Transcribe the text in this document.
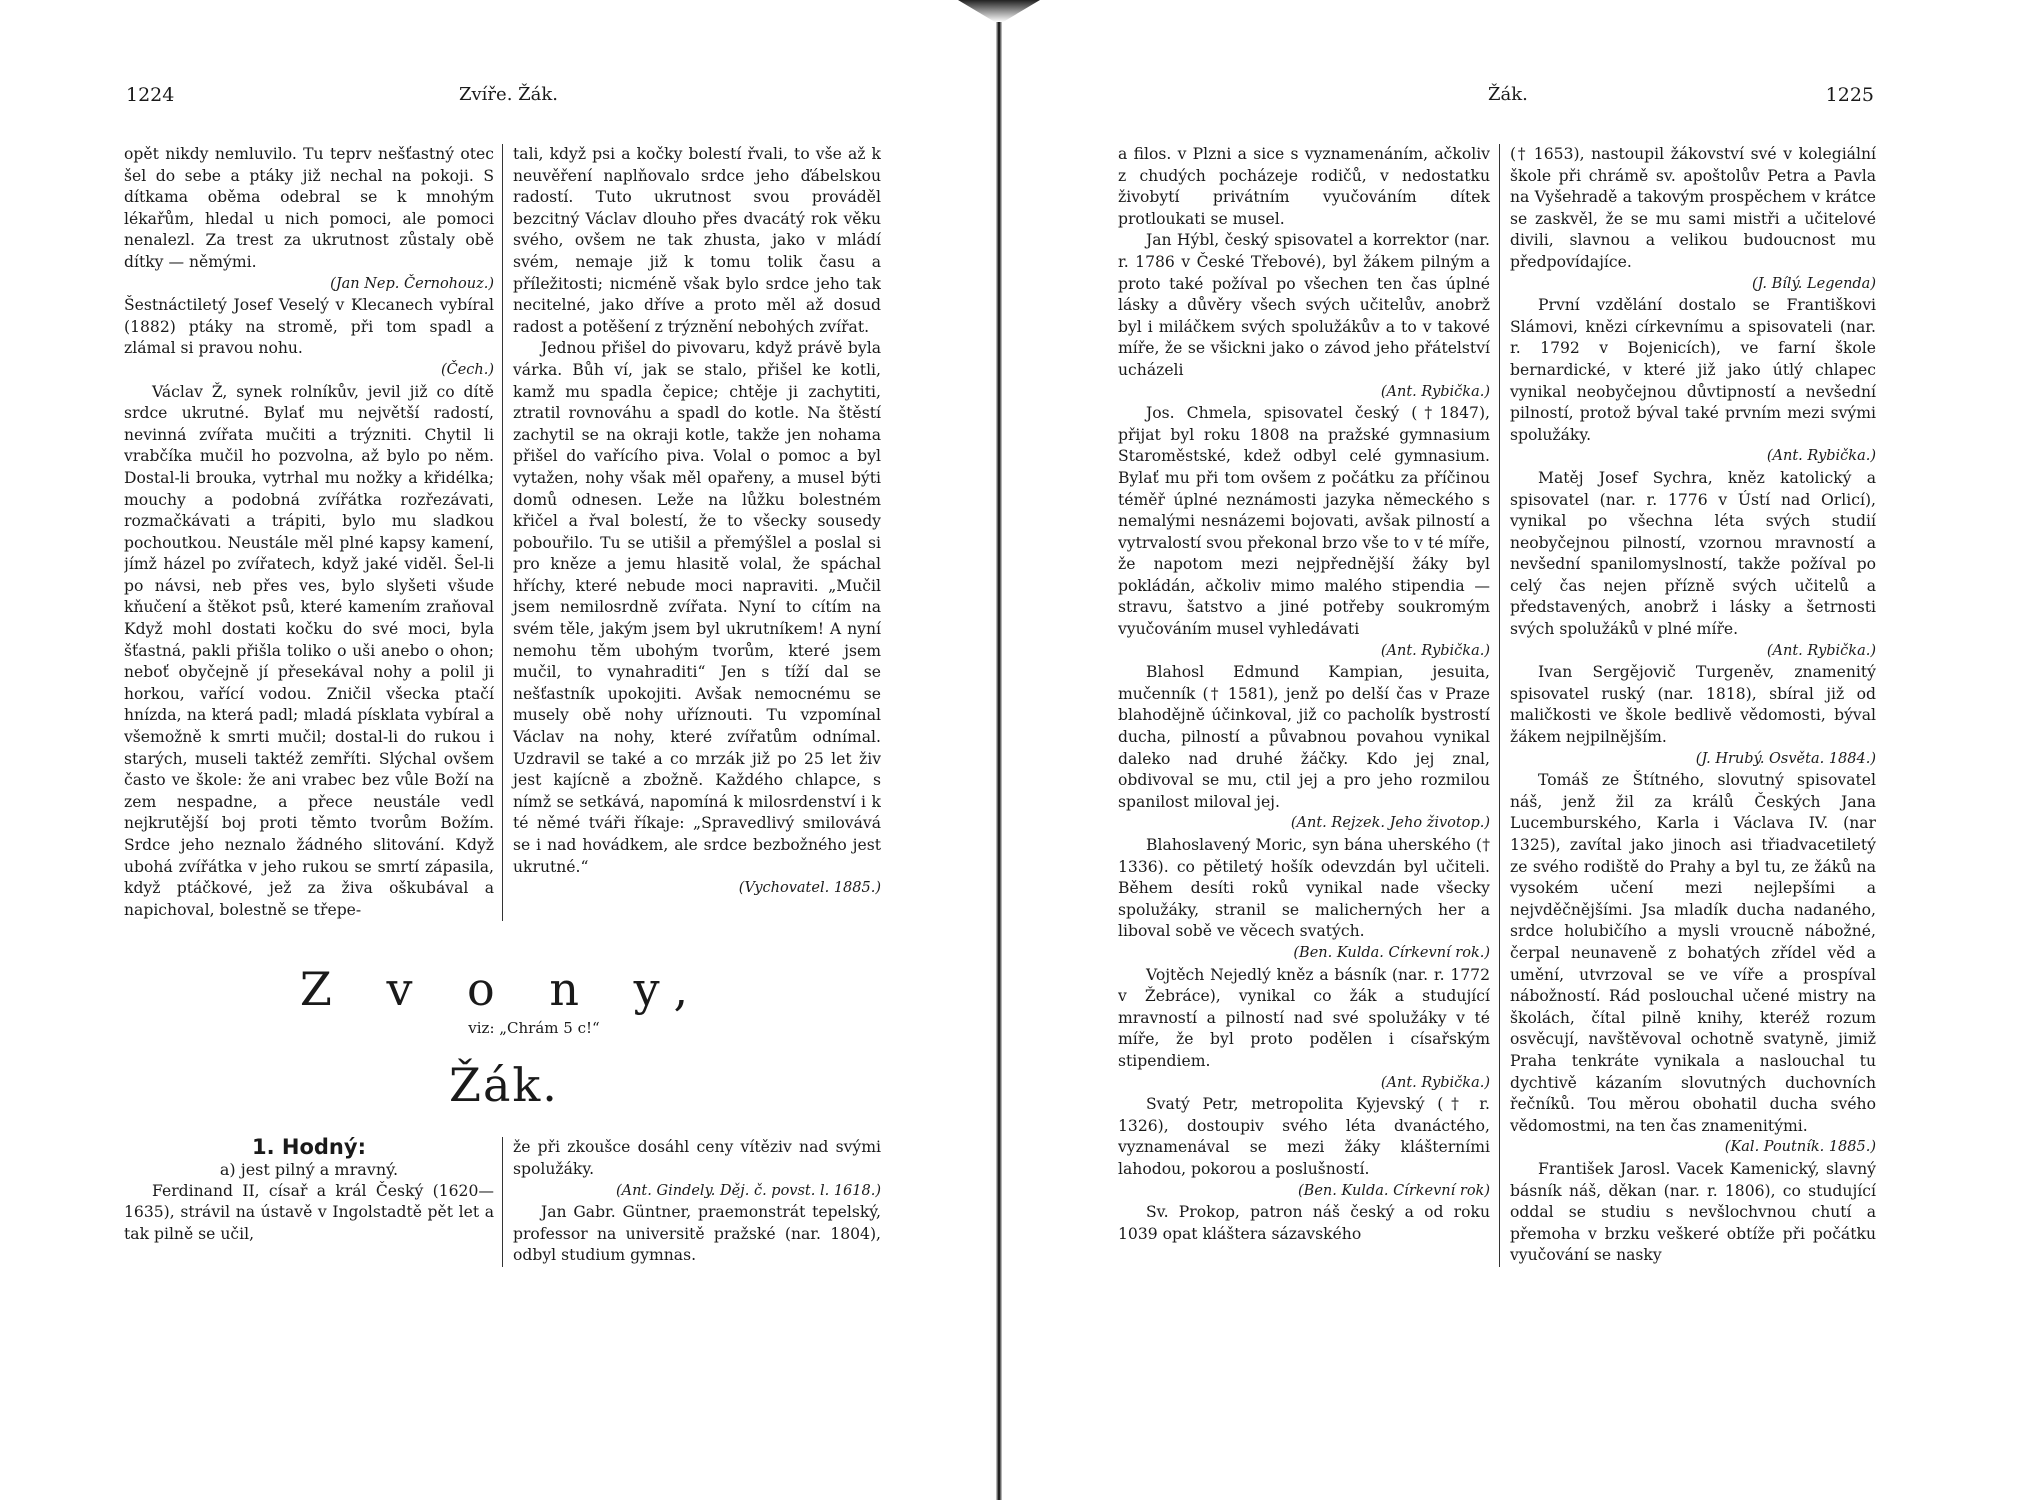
1224	Zvíře. Žák.

opět nikdy nemluvilo. Tu teprv nešťastný otec šel do sebe a ptáky již nechal na pokoji. S dítkama oběma odebral se k mnohým lékařům, hledal u nich pomoci, ale pomoci nenalezl. Za trest za ukrutnost zůstaly obě dítky — němými.

(Jan Nep. Černohouz.)

Šestnáctiletý Josef Veselý v Klecanech vybíral (1882) ptáky na stromě, při tom spadl a zlámal si pravou nohu.

(Čech.)

Václav Ž, synek rolníkův, jevil již co dítě srdce ukrutné. Bylať mu největší radostí, nevinná zvířata mučiti a trýzniti. Chytil li vrabčíka mučil ho pozvolna, až bylo po něm. Dostal-li brouka, vytrhal mu nožky a křidélka; mouchy a podobná zvířátka rozřezávati, rozmačkávati a trápiti, bylo mu sladkou pochoutkou. Neustále měl plné kapsy kamení, jímž házel po zvířatech, když jaké viděl. Šel-li po návsi, neb přes ves, bylo slyšeti všude kňučení a štěkot psů, které kamením zraňoval Když mohl dostati kočku do své moci, byla šťastná, pakli přišla toliko o uši anebo o ohon; neboť obyčejně jí přesekával nohy a polil ji horkou, vařící vodou. Zničil všecka ptačí hnízda, na která padl; mladá písklata vybíral a všemožně k smrti mučil; dostal-li do rukou i starých, museli taktéž zemříti. Slýchal ovšem často ve škole: že ani vrabec bez vůle Boží na zem nespadne, a přece neustále vedl nejkrutější boj proti těmto tvorům Božím. Srdce jeho neznalo žádného slitování. Když ubohá zvířátka v jeho rukou se smrtí zápasila, když ptáčkové, jež za živa oškubával a napichoval, bolestně se třepe-

tali, když psi a kočky bolestí řvali, to vše až k neuvěření naplňovalo srdce jeho ďábelskou radostí. Tuto ukrutnost svou prováděl bezcitný Václav dlouho přes dvacátý rok věku svého, ovšem ne tak zhusta, jako v mládí svém, nemaje již k tomu tolik času a příležitosti; nicméně však bylo srdce jeho tak necitelné, jako dříve a proto měl až dosud radost a potěšení z trýznění nebohých zvířat.

Jednou přišel do pivovaru, když právě byla várka. Bůh ví, jak se stalo, přišel ke kotli, kamž mu spadla čepice; chtěje ji zachytiti, ztratil rovnováhu a spadl do kotle. Na štěstí zachytil se na okraji kotle, takže jen nohama přišel do vařícího piva. Volal o pomoc a byl vytažen, nohy však měl opařeny, a musel býti domů odnesen. Leže na lůžku bolestném křičel a řval bolestí, že to všecky sousedy pobouřilo. Tu se utišil a přemýšlel a poslal si pro kněze a jemu hlasitě volal, že spáchal hříchy, které nebude moci napraviti. „Mučil jsem nemilosrdně zvířata. Nyní to cítím na svém těle, jakým jsem byl ukrutníkem! A nyní nemohu těm ubohým tvorům, které jsem mučil, to vynahraditi“ Jen s tíží dal se nešťastník upokojiti. Avšak nemocnému se musely obě nohy uříznouti. Tu vzpomínal Václav na nohy, které zvířatům odnímal. Uzdravil se také a co mrzák již po 25 let živ jest kajícně a zbožně. Každého chlapce, s nímž se setkává, napomíná k milosrdenství i k té němé tváři říkaje: „Spravedlivý smilovává se i nad hovádkem, ale srdce bezbožného jest ukrutné.“

(Vychovatel. 1885.)

Z v o n y,
viz: „Chrám 5 c!“
Žák.

1. Hodný:

a) jest pilný a mravný.

Ferdinand II, císař a král Český (1620—1635), strávil na ústavě v Ingolstadtě pět let a tak pilně se učil,

že při zkoušce dosáhl ceny vítěziv nad svými spolužáky.

(Ant. Gindely. Děj. č. povst. l. 1618.)

Jan Gabr. Güntner, praemonstrát tepelský, professor na universitě pražské (nar. 1804), odbyl studium gymnas.

Žák.	1225

a filos. v Plzni a sice s vyznamenáním, ačkoliv z chudých pocházeje rodičů, v nedostatku živobytí privátním vyučováním dítek protloukati se musel.

Jan Hýbl, český spisovatel a korrektor (nar. r. 1786 v České Třebové), byl žákem pilným a proto také požíval po všechen ten čas úplné lásky a důvěry všech svých učitelův, anobrž byl i miláčkem svých spolužákův a to v takové míře, že se všickni jako o závod jeho přátelství ucházeli

(Ant. Rybička.)

Jos. Chmela, spisovatel český (†1847), přijat byl roku 1808 na pražské gymnasium Staroměstské, kdež odbyl celé gymnasium. Bylať mu při tom ovšem z počátku za příčinou téměř úplné neznámosti jazyka německého s nemalými nesnázemi bojovati, avšak pilností a vytrvalostí svou překonal brzo vše to v té míře, že napotom mezi nejpřednější žáky byl pokládán, ačkoliv mimo malého stipendia — stravu, šatstvo a jiné potřeby soukromým vyučováním musel vyhledávati

(Ant. Rybička.)

Blahosl Edmund Kampian, jesuita, mučenník († 1581), jenž po delší čas v Praze blahodějně účinkoval, již co pacholík bystrostí ducha, pilností a půvabnou povahou vynikal daleko nad druhé žáčky. Kdo jej znal, obdivoval se mu, ctil jej a pro jeho rozmilou spanilost miloval jej.

(Ant. Rejzek. Jeho životop.)

Blahoslavený Moric, syn bána uherského († 1336). co pětiletý hošík odevzdán byl učiteli. Během desíti roků vynikal nade všecky spolužáky, stranil se malicherných her a liboval sobě ve věcech svatých.

(Ben. Kulda. Církevní rok.)

Vojtěch Nejedlý kněz a básník (nar. r. 1772 v Žebráce), vynikal co žák a studující mravností a pilností nad své spolužáky v té míře, že byl proto podělen i císařským stipendiem.

(Ant. Rybička.)

Svatý Petr, metropolita Kyjevský († r. 1326), dostoupiv svého léta dvanáctého, vyznamenával se mezi žáky klášterními lahodou, pokorou a poslušností.

(Ben. Kulda. Církevní rok)

Sv. Prokop, patron náš český a od roku 1039 opat kláštera sázavského

(† 1653), nastoupil žákovství své v kolegiální škole při chrámě sv. apoštolův Petra a Pavla na Vyšehradě a takovým prospěchem v krátce se zaskvěl, že se mu sami mistři a učitelové divili, slavnou a velikou budoucnost mu předpovídajíce.

(J. Bílý. Legenda)

První vzdělání dostalo se Františkovi Slámovi, knězi církevnímu a spisovateli (nar. r. 1792 v Bojenicích), ve farní škole bernardické, v které již jako útlý chlapec vynikal neobyčejnou důvtipností a nevšední pilností, protož býval také prvním mezi svými spolužáky.

(Ant. Rybička.)

Matěj Josef Sychra, kněz katolický a spisovatel (nar. r. 1776 v Ústí nad Orlicí), vynikal po všechna léta svých studií neobyčejnou pilností, vzornou mravností a nevšední spanilomyslností, takže požíval po celý čas nejen přízně svých učitelů a představených, anobrž i lásky a šetrnosti svých spolužáků v plné míře.

(Ant. Rybička.)

Ivan Sergějovič Turgeněv, znamenitý spisovatel ruský (nar. 1818), sbíral již od maličkosti ve škole bedlivě vědomosti, býval žákem nejpilnějším.

(J. Hrubý. Osvěta. 1884.)

Tomáš ze Štítného, slovutný spisovatel náš, jenž žil za králů Českých Jana Lucemburského, Karla i Václava IV. (nar 1325), zavítal jako jinoch asi třiadvacetiletý ze svého rodiště do Prahy a byl tu, ze žáků na vysokém učení mezi nejlepšími a nejvděčnějšími. Jsa mladík ducha nadaného, srdce holubičího a mysli vroucně nábožné, čerpal neunaveně z bohatých zřídel věd a umění, utvrzoval se ve víře a prospíval nábožností. Rád poslouchal učené mistry na školách, čítal pilně knihy, kteréž rozum osvěcují, navštěvoval ochotně svatyně, jimiž Praha tenkráte vynikala a naslouchal tu dychtivě kázaním slovutných duchovních řečníků. Tou měrou obohatil ducha svého vědomostmi, na ten čas znamenitými.

(Kal. Poutník. 1885.)

František Jarosl. Vacek Kamenický, slavný básník náš, děkan (nar. r. 1806), co studující oddal se studiu s nevšlochvnou chutí a přemoha v brzku veškeré obtíže při počátku vyučování se nasky
